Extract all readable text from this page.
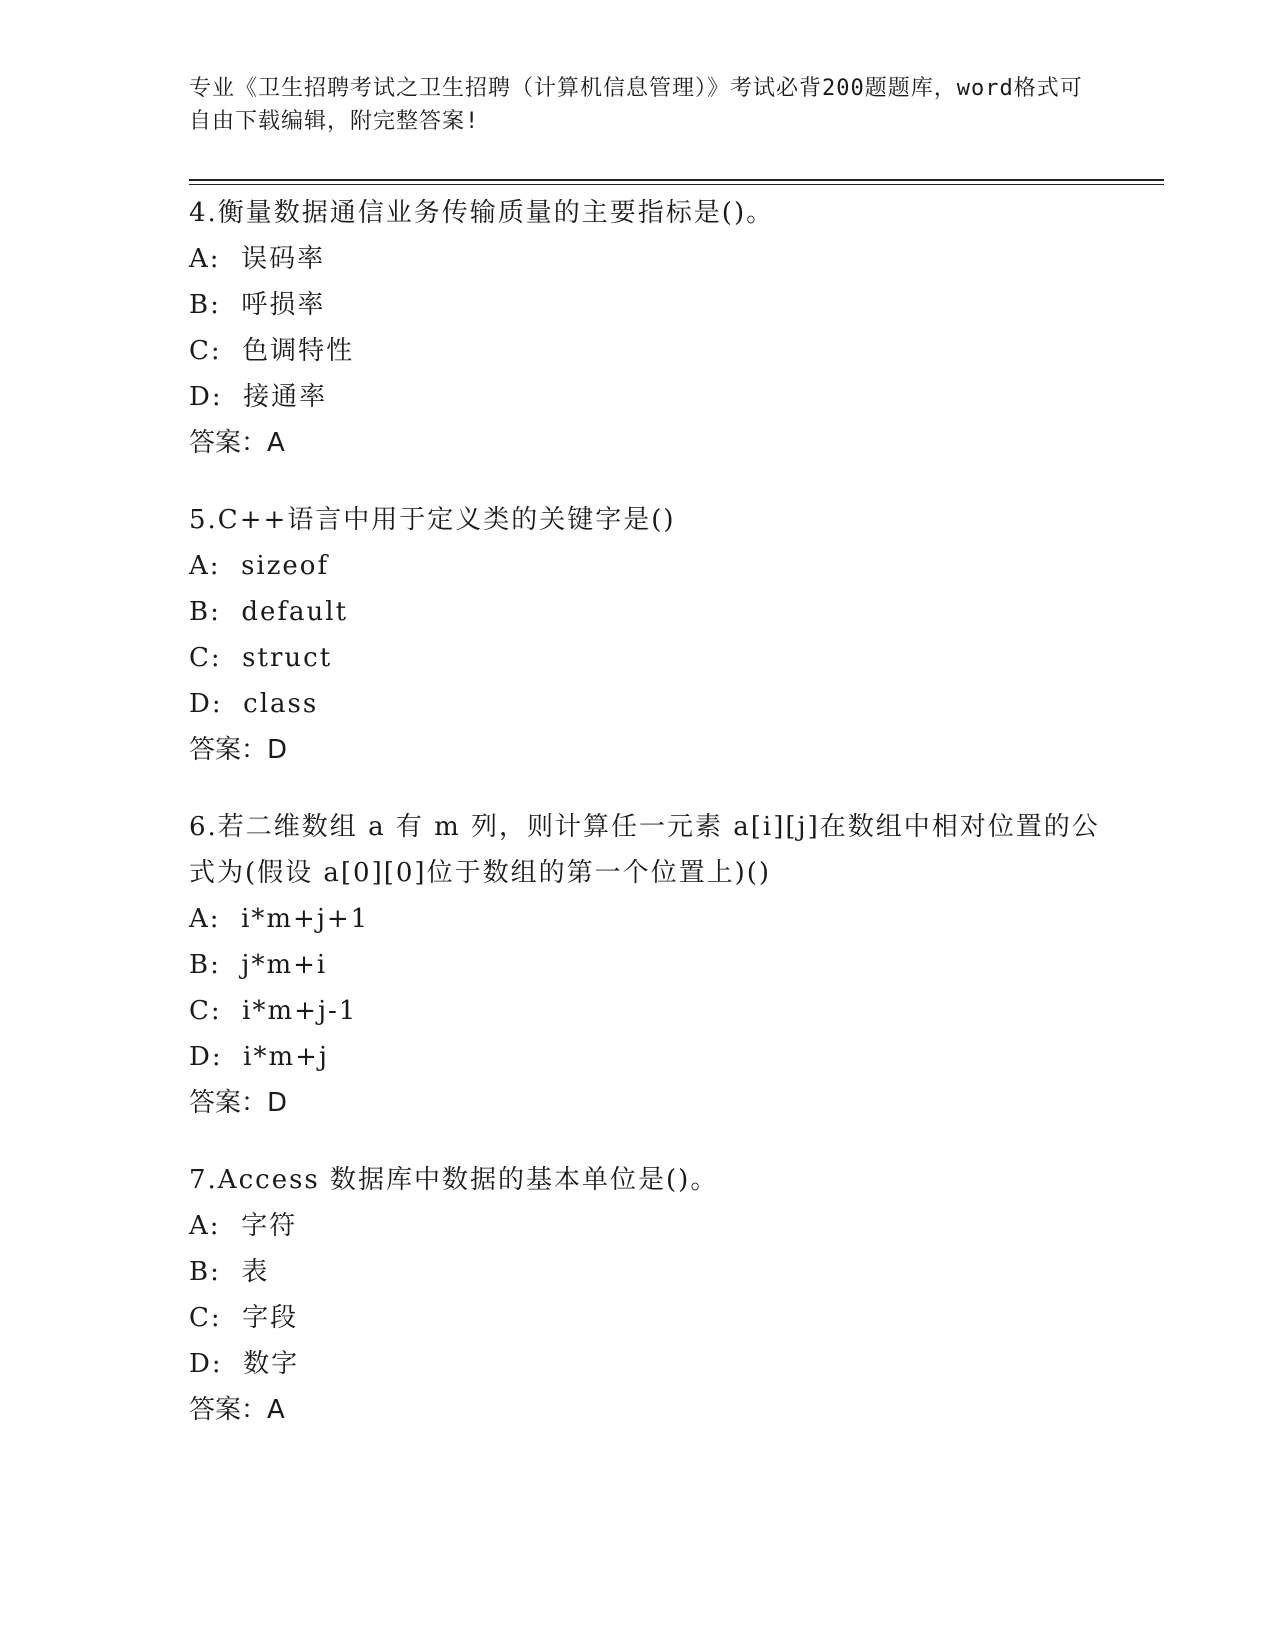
专业《卫生招聘考试之卫生招聘（计算机信息管理）》考试必背200题题库，word格式可自由下载编辑，附完整答案!

4.衡量数据通信业务传输质量的主要指标是()。

A:  误码率

B:  呼损率

C:  色调特性

D:  接通率

答案：A

5.C++语言中用于定义类的关键字是()

A:  sizeof

B:  default

C:  struct

D:  class

答案：D

6.若二维数组 a 有 m 列，则计算任一元素 a[i][j]在数组中相对位置的公式为(假设 a[0][0]位于数组的第一个位置上)()

A:  i*m+j+1

B:  j*m+i

C:  i*m+j-1

D:  i*m+j

答案：D

7.Access 数据库中数据的基本单位是()。

A:  字符

B:  表

C:  字段

D:  数字

答案：A
